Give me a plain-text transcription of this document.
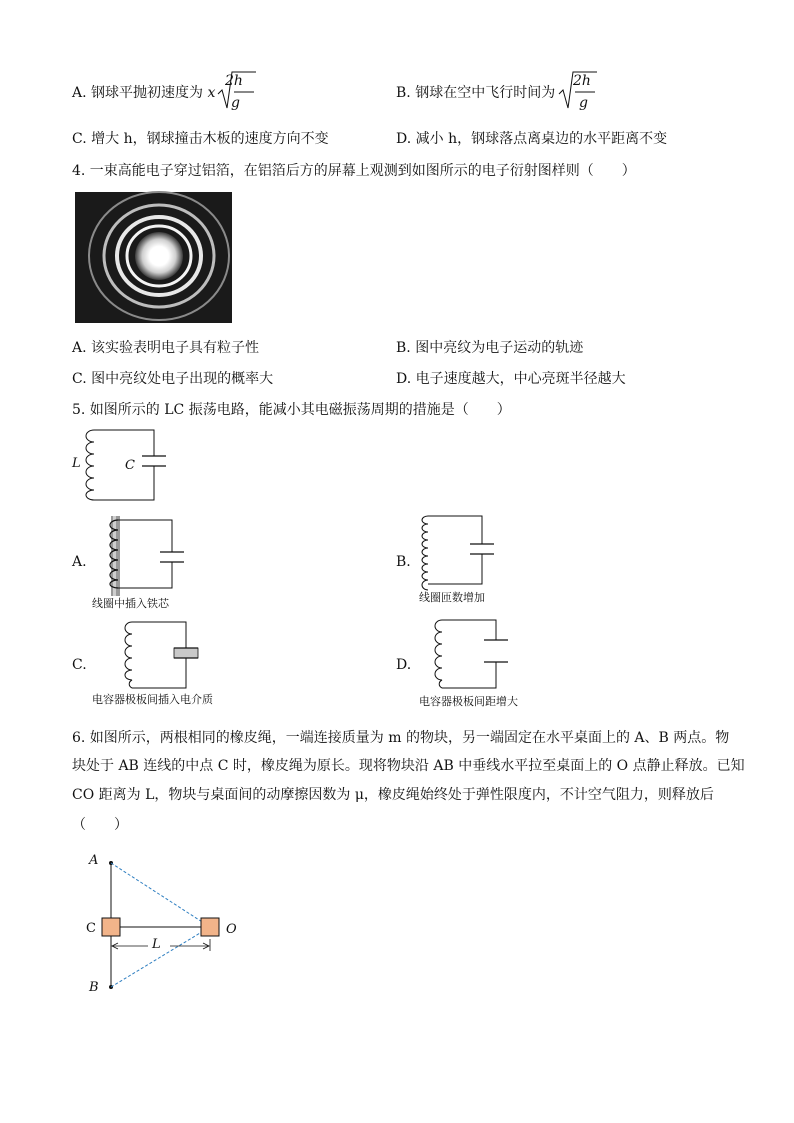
A. 钢球平抛初速度为 x
2h
g
B. 钢球在空中飞行时间为
2h
g
C. 增大 h，钢球撞击木板的速度方向不变	D. 减小 h，钢球落点离桌边的水平距离不变
4. 一束高能电子穿过铝箔，在铝箔后方的屏幕上观测到如图所示的电子衍射图样则（　　）
A. 该实验表明电子具有粒子性	B. 图中亮纹为电子运动的轨迹
C. 图中亮纹处电子出现的概率大	D. 电子速度越大，中心亮斑半径越大
5. 如图所示的 LC 振荡电路，能减小其电磁振荡周期的措施是（　　）
L	C
A.
线圈中插入铁芯
B.
线圈匝数增加
C.
电容器极板间插入电介质
D.
电容器极板间距增大
6. 如图所示，两根相同的橡皮绳，一端连接质量为 m 的物块，另一端固定在水平桌面上的 A、B 两点。物
块处于 AB 连线的中点 C 时，橡皮绳为原长。现将物块沿 AB 中垂线水平拉至桌面上的 O 点静止释放。已知
CO 距离为 L，物块与桌面间的动摩擦因数为 μ，橡皮绳始终处于弹性限度内，不计空气阻力，则释放后
（　　）
A
C	O
L
B
